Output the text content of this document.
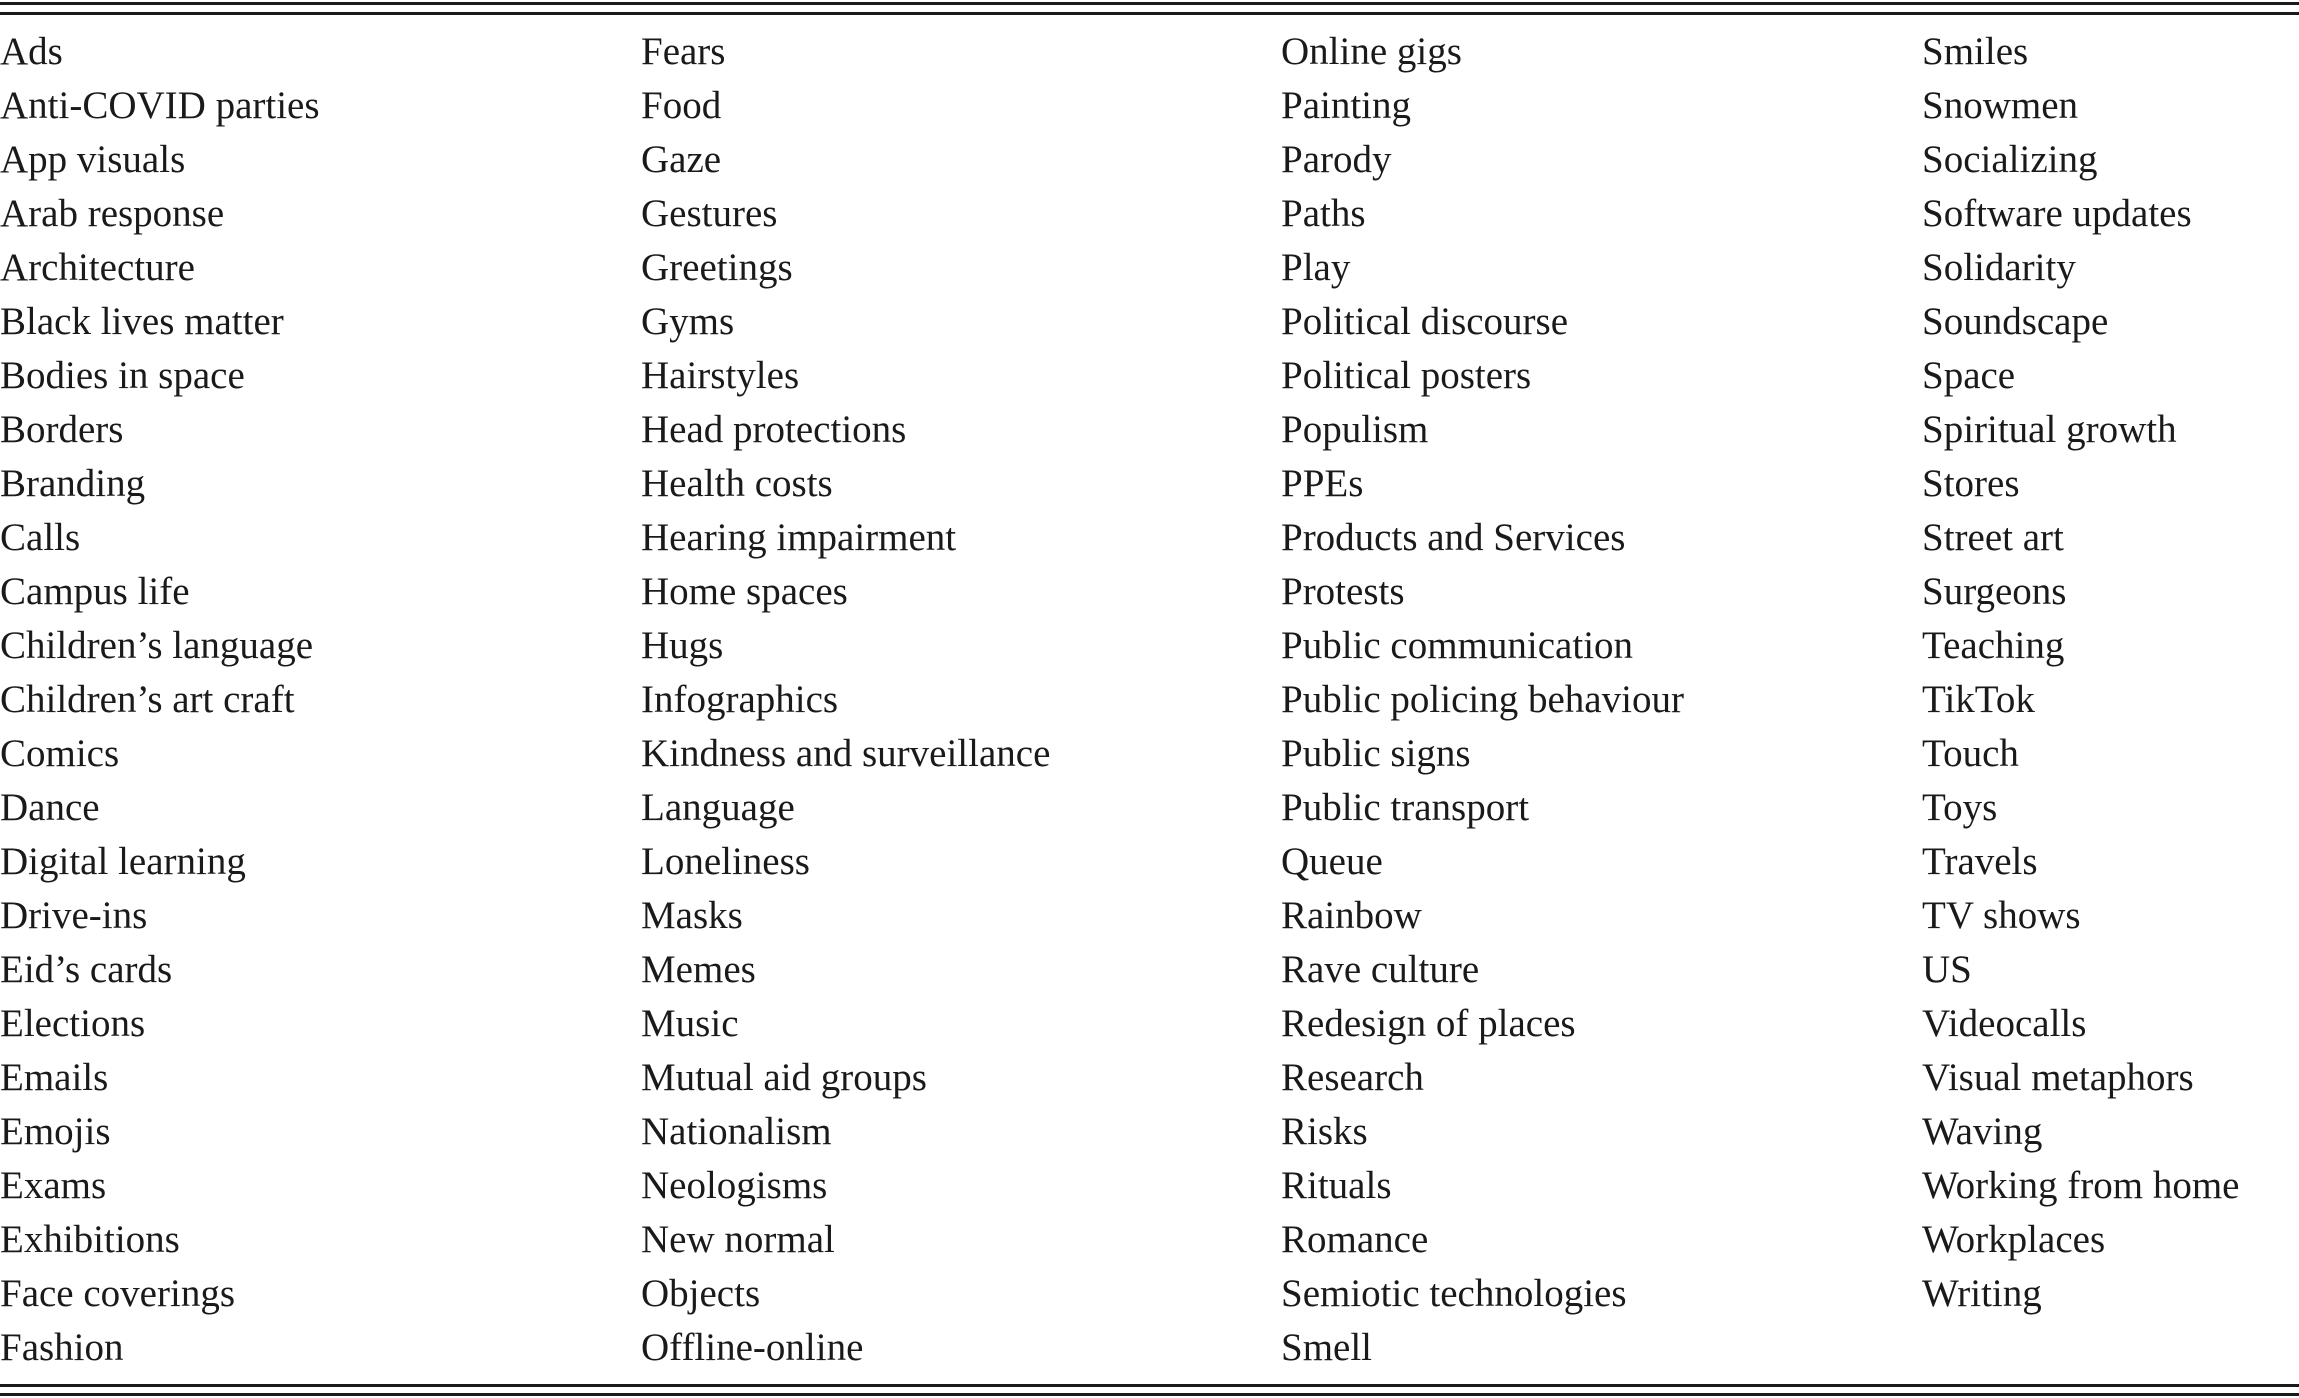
Ads
Anti-COVID parties
App visuals
Arab response
Architecture
Black lives matter
Bodies in space
Borders
Branding
Calls
Campus life
Children’s language
Children’s art craft
Comics
Dance
Digital learning
Drive-ins
Eid’s cards
Elections
Emails
Emojis
Exams
Exhibitions
Face coverings
Fashion
Fears
Food
Gaze
Gestures
Greetings
Gyms
Hairstyles
Head protections
Health costs
Hearing impairment
Home spaces
Hugs
Infographics
Kindness and surveillance
Language
Loneliness
Masks
Memes
Music
Mutual aid groups
Nationalism
Neologisms
New normal
Objects
Offline-online
Online gigs
Painting
Parody
Paths
Play
Political discourse
Political posters
Populism
PPEs
Products and Services
Protests
Public communication
Public policing behaviour
Public signs
Public transport
Queue
Rainbow
Rave culture
Redesign of places
Research
Risks
Rituals
Romance
Semiotic technologies
Smell
Smiles
Snowmen
Socializing
Software updates
Solidarity
Soundscape
Space
Spiritual growth
Stores
Street art
Surgeons
Teaching
TikTok
Touch
Toys
Travels
TV shows
US
Videocalls
Visual metaphors
Waving
Working from home
Workplaces
Writing
